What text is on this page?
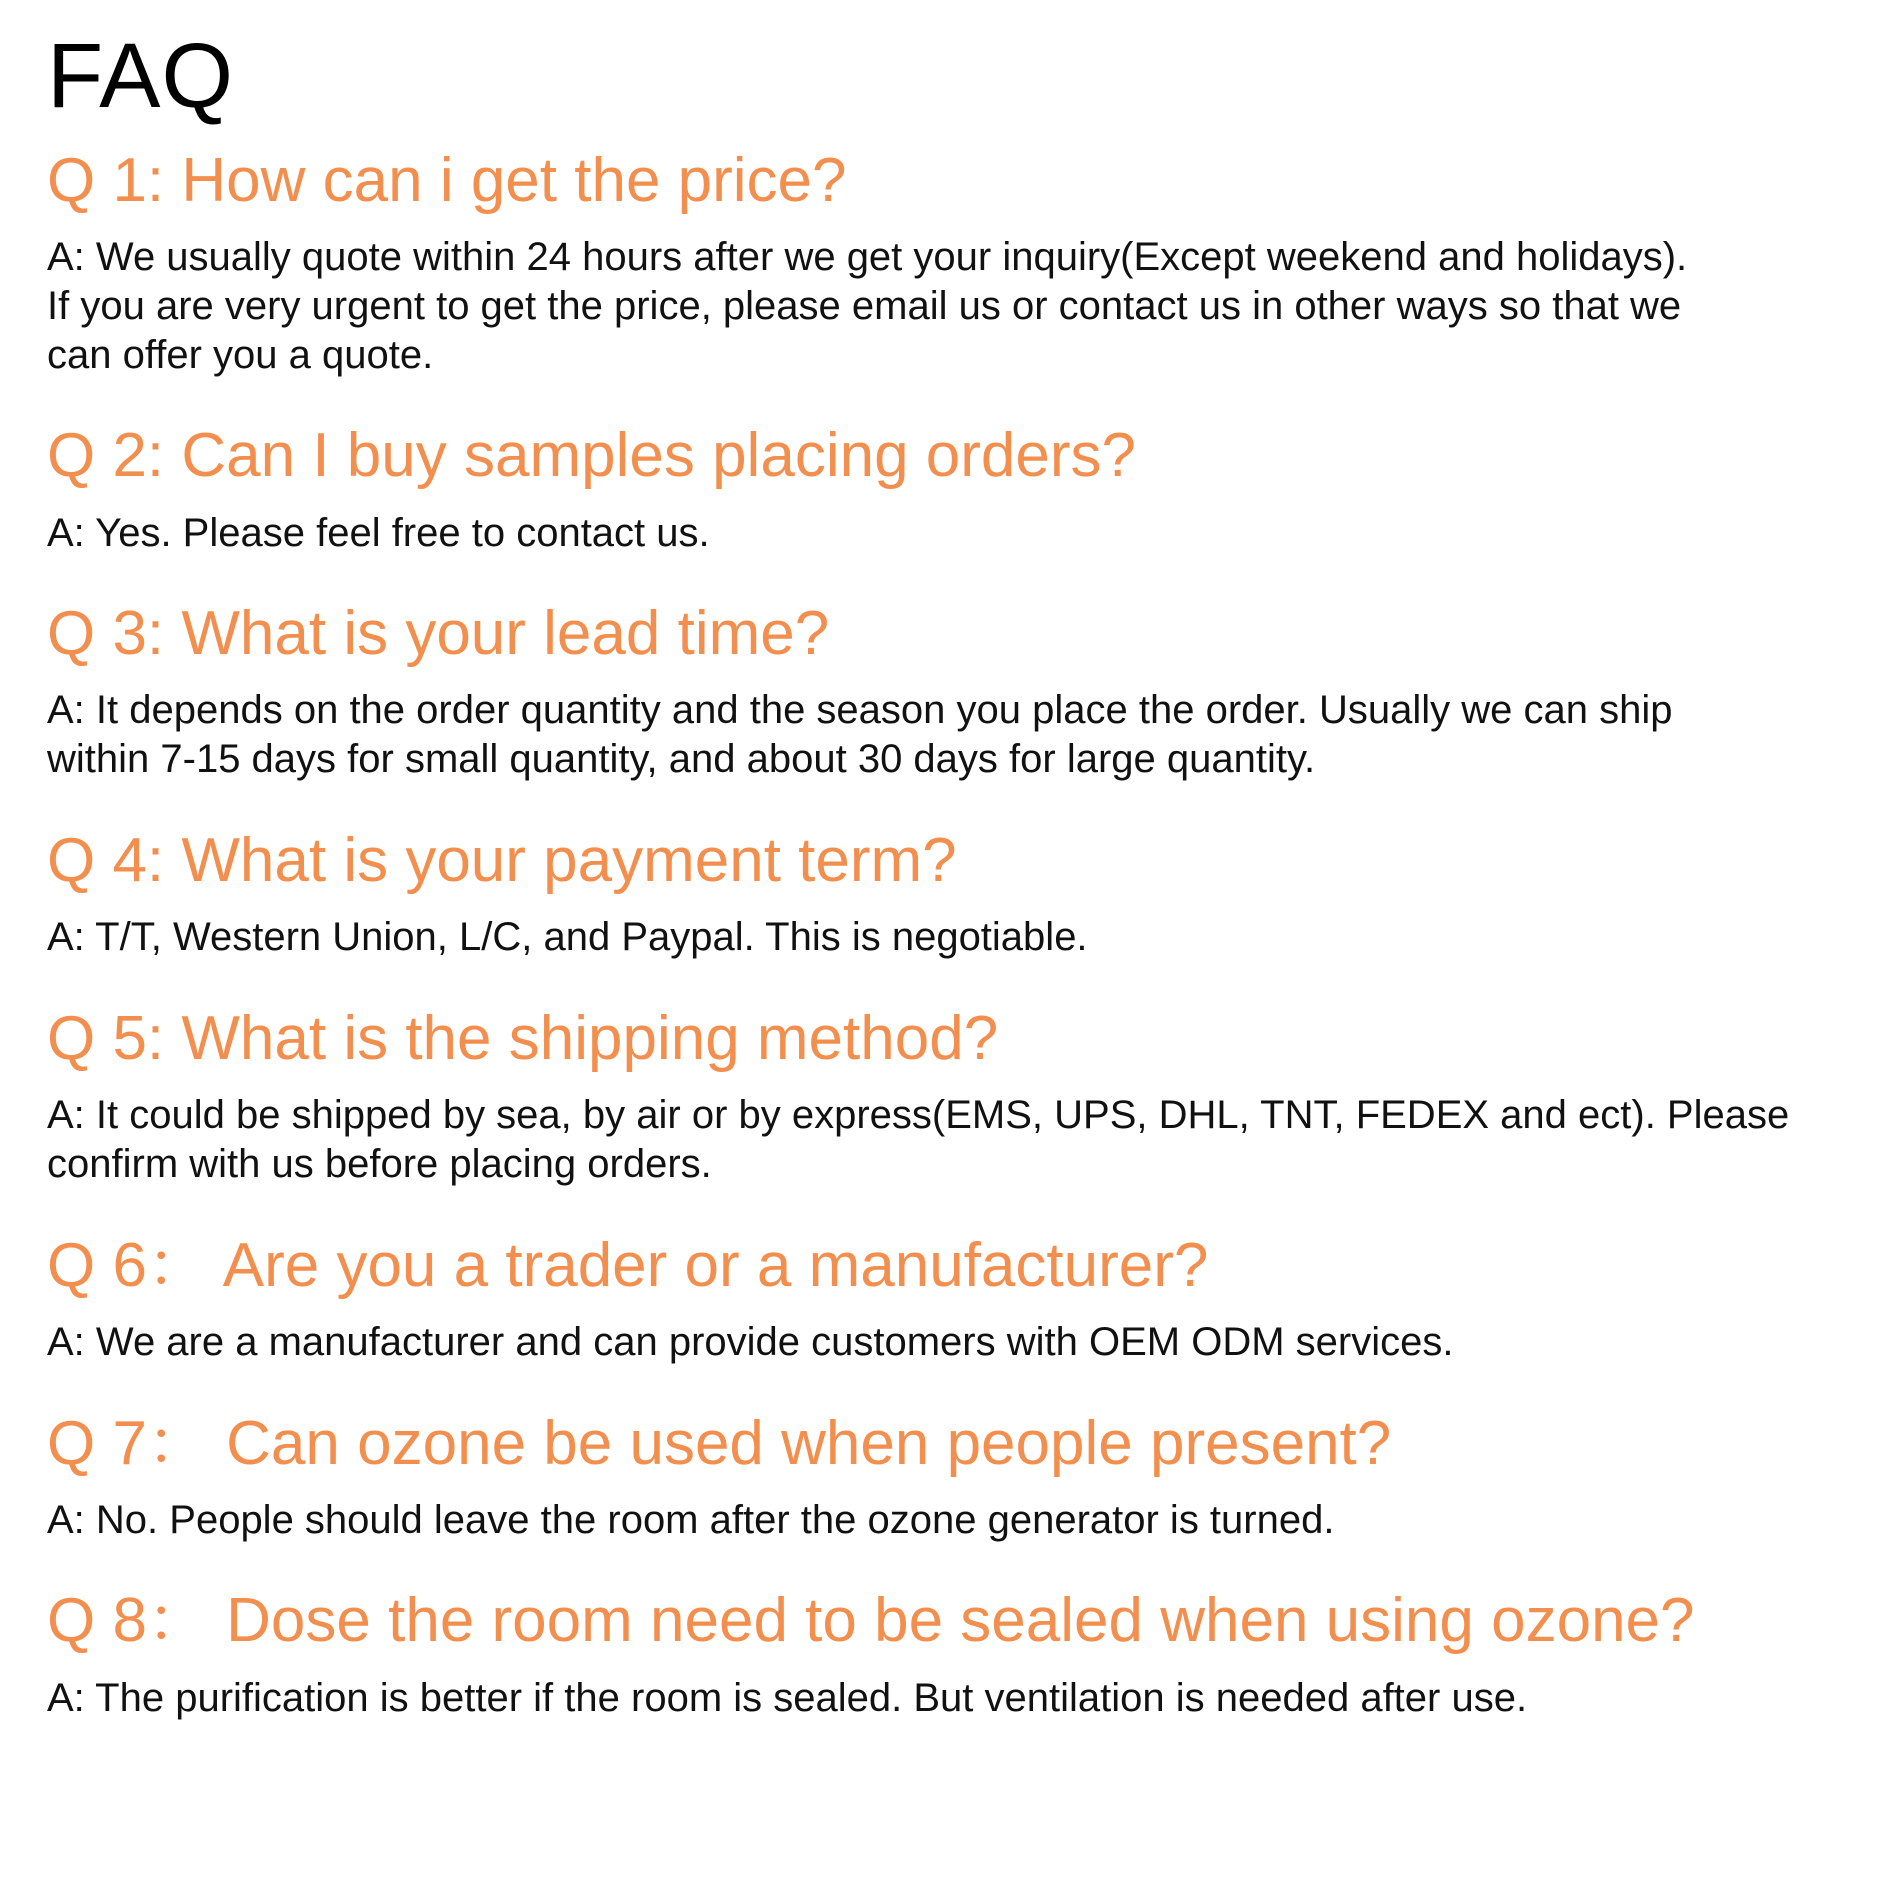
FAQ
Q 1: How can i get the price?
A: We usually quote within 24 hours after we get your inquiry(Except weekend and holidays).
If you are very urgent to get the price, please email us or contact us in other ways so that we
can offer you a quote.
Q 2: Can I buy samples placing orders?
A: Yes. Please feel free to contact us.
Q 3: What is your lead time?
A: It depends on the order quantity and the season you place the order. Usually we can ship
within 7-15 days for small quantity, and about 30 days for large quantity.
Q 4: What is your payment term?
A: T/T, Western Union, L/C, and Paypal. This is negotiable.
Q 5: What is the shipping method?
A: It could be shipped by sea, by air or by express(EMS, UPS, DHL, TNT, FEDEX and ect). Please
confirm with us before placing orders.
Q 6： Are you a trader or a manufacturer?
A: We are a manufacturer and can provide customers with OEM ODM services.
Q 7： Can ozone be used when people present?
A: No. People should leave the room after the ozone generator is turned.
Q 8： Dose the room need to be sealed when using ozone?
A: The purification is better if the room is sealed. But ventilation is needed after use.
